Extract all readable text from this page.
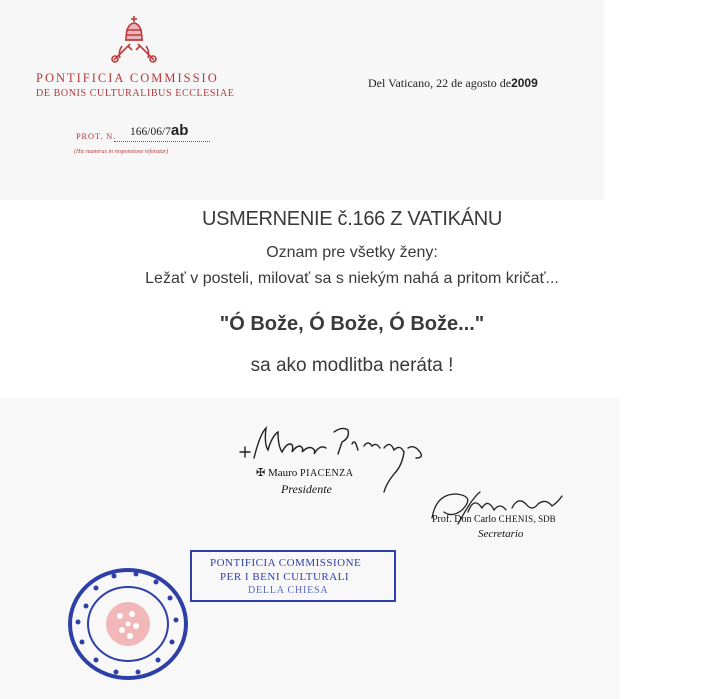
PONTIFICIA COMMISSIO
DE BONIS CULTURALIBUS ECCLESIAE
PROT. N. 166/06/7ab
(Hic numerus in responsione referatur)
Del Vaticano, 22 de agosto de2009
USMERNENIE č.166 Z VATIKÁNU
Oznam pre všetky ženy:
Ležať v posteli, milovať sa s niekým nahá a pritom kričať...
"Ó Bože, Ó Bože, Ó Bože..."
sa ako modlitba neráta !
✠ Mauro PIACENZA
Presidente
Prof. Don Carlo CHENIS, SDB
Secretario
PONTIFICIA COMMISSIONE
PER I BENI CULTURALI
DELLA CHIESA
